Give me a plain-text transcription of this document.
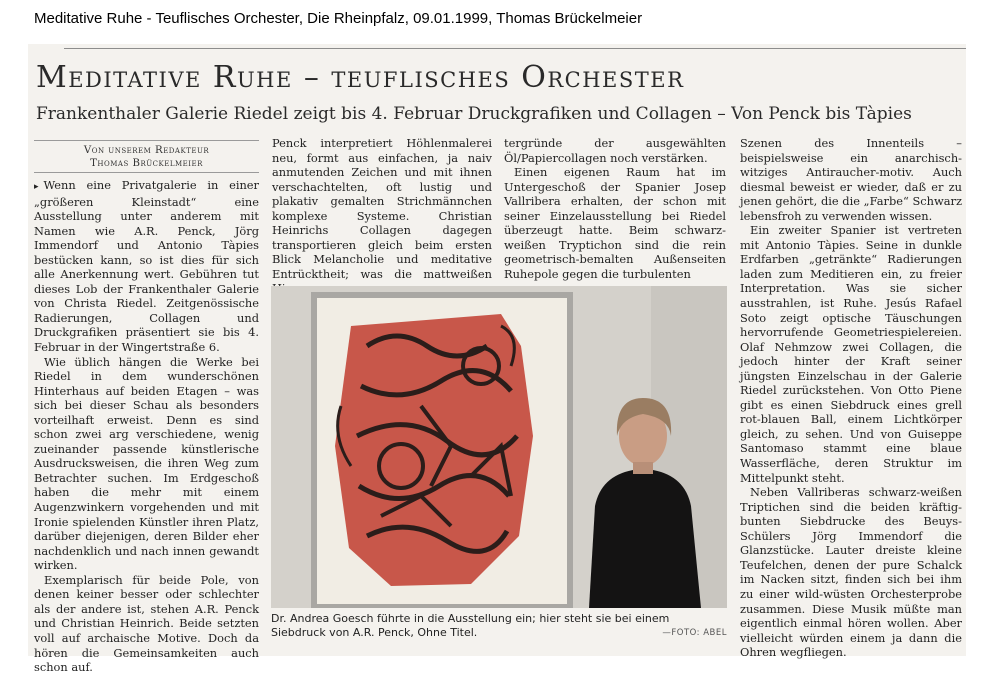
Meditative Ruhe - Teuflisches Orchester, Die Rheinpfalz, 09.01.1999, Thomas Brückelmeier
Meditative Ruhe – teuflisches Orchester
Frankenthaler Galerie Riedel zeigt bis 4. Februar Druckgrafiken und Collagen – Von Penck bis Tàpies
Von unserem Redakteur
Thomas Brückelmeier

▸ Wenn eine Privatgalerie in einer „größeren Kleinstadt“ eine Ausstellung unter anderem mit Namen wie A.R. Penck, Jörg Immendorf und Antonio Tàpies bestücken kann, so ist dies für sich alle Anerkennung wert. Gebühren tut dieses Lob der Frankenthaler Galerie von Christa Riedel. Zeitgenössische Radierungen, Collagen und Druckgrafiken präsentiert sie bis 4. Februar in der Wingertstraße 6.

Wie üblich hängen die Werke bei Riedel in dem wunderschönen Hinterhaus auf beiden Etagen – was sich bei dieser Schau als besonders vorteilhaft erweist. Denn es sind schon zwei arg verschiedene, wenig zueinander passende künstlerische Ausdrucksweisen, die ihren Weg zum Betrachter suchen. Im Erdgeschoß haben die mehr mit einem Augenzwinkern vorgehenden und mit Ironie spielenden Künstler ihren Platz, darüber diejenigen, deren Bilder eher nachdenklich und nach innen gewandt wirken.

Exemplarisch für beide Pole, von denen keiner besser oder schlechter als der andere ist, stehen A.R. Penck und Christian Heinrich. Beide setzten voll auf archaische Motive. Doch da hören die Gemeinsamkeiten auch schon auf.

Penck interpretiert Höhlenmalerei neu, formt aus einfachen, ja naiv anmutenden Zeichen und mit ihnen verschachtelten, oft lustig und plakativ gemalten Strichmännchen komplexe Systeme. Christian Heinrichs Collagen dagegen transportieren gleich beim ersten Blick Melancholie und meditative Entrücktheit; was die mattweißen

tergründe der ausgewählten Öl/Papiercollagen noch verstärken.

Einen eigenen Raum hat im Untergeschoß der Spanier Josep Vallribera erhalten, der schon mit seiner Einzelausstellung bei Riedel überzeugt hatte. Beim schwarz-weißen Tryptichon sind die rein geometrisch-bemalten Außenseiten Ruhepole gegen die turbulenten

Szenen des Innenteils – beispielsweise ein anarchisch-witziges Antiraucher-motiv. Auch diesmal beweist er wieder, daß er zu jenen gehört, die die „Farbe“ Schwarz lebensfroh zu verwenden wissen.

Ein zweiter Spanier ist vertreten mit Antonio Tàpies. Seine in dunkle Erdfarben „getränkte“ Radierungen laden zum Meditieren ein, zu freier Interpretation. Was sie sicher ausstrahlen, ist Ruhe. Jesús Rafael Soto zeigt optische Täuschungen hervorrufende Geometriespielereien. Olaf Nehmzow zwei Collagen, die jedoch hinter der Kraft seiner jüngsten Einzelschau in der Galerie Riedel zurückstehen. Von Otto Piene gibt es einen Siebdruck eines grell rot-blauen Ball, einem Lichtkörper gleich, zu sehen. Und von Guiseppe Santomaso stammt eine blaue Wasserfläche, deren Struktur im Mittelpunkt steht.

Neben Vallriberas schwarz-weißen Triptichen sind die beiden kräftig-bunten Siebdrucke des Beuys-Schülers Jörg Immendorf die Glanzstücke. Lauter dreiste kleine Teufelchen, denen der pure Schalck im Nacken sitzt, finden sich bei ihm zu einer wild-wüsten Orchesterprobe zusammen. Diese Musik müßte man eigentlich einmal hören wollen. Aber vielleicht würden einem ja dann die Ohren wegfliegen.

Dr. Andrea Goesch führte in die Ausstellung ein; hier steht sie bei einem Siebdruck von A.R. Penck, Ohne Titel.	—FOTO: ABEL
